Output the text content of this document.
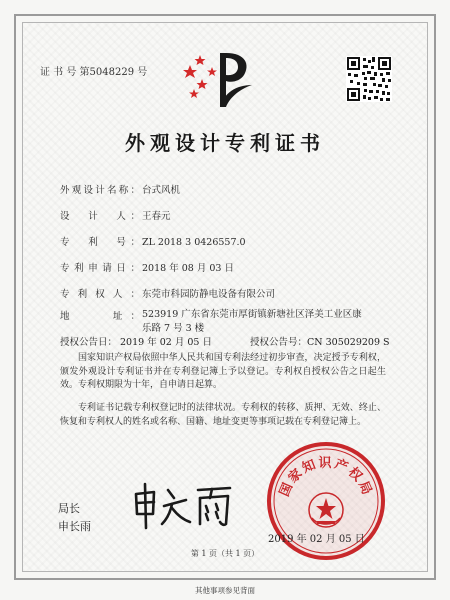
证 书 号 第5048229 号
外观设计专利证书
外观设计名称： 台式风机
设　计　人： 王春元
专　利　号： ZL 2018 3 0426557.0
专利申请日： 2018 年 08 月 03 日
专利权人： 东莞市科园防静电设备有限公司
地　　址： 523919 广东省东莞市厚街镇新塘社区泽美工业区康乐路 7 号 3 楼
授权公告日： 2019 年 02 月 05 日	授权公告号：CN 305029209 S
国家知识产权局依照中华人民共和国专利法经过初步审查，决定授予专利权，颁发外观设计专利证书并在专利登记簿上予以登记。专利权自授权公告之日起生效。专利权期限为十年，自申请日起算。
专利证书记载专利权登记时的法律状况。专利权的转移、质押、无效、终止、恢复和专利权人的姓名或名称、国籍、地址变更等事项记载在专利登记簿上。
局长
申长雨
国家知识产权局
2019 年 02 月 05 日
第 1 页（共 1 页）
其他事项参见背面
